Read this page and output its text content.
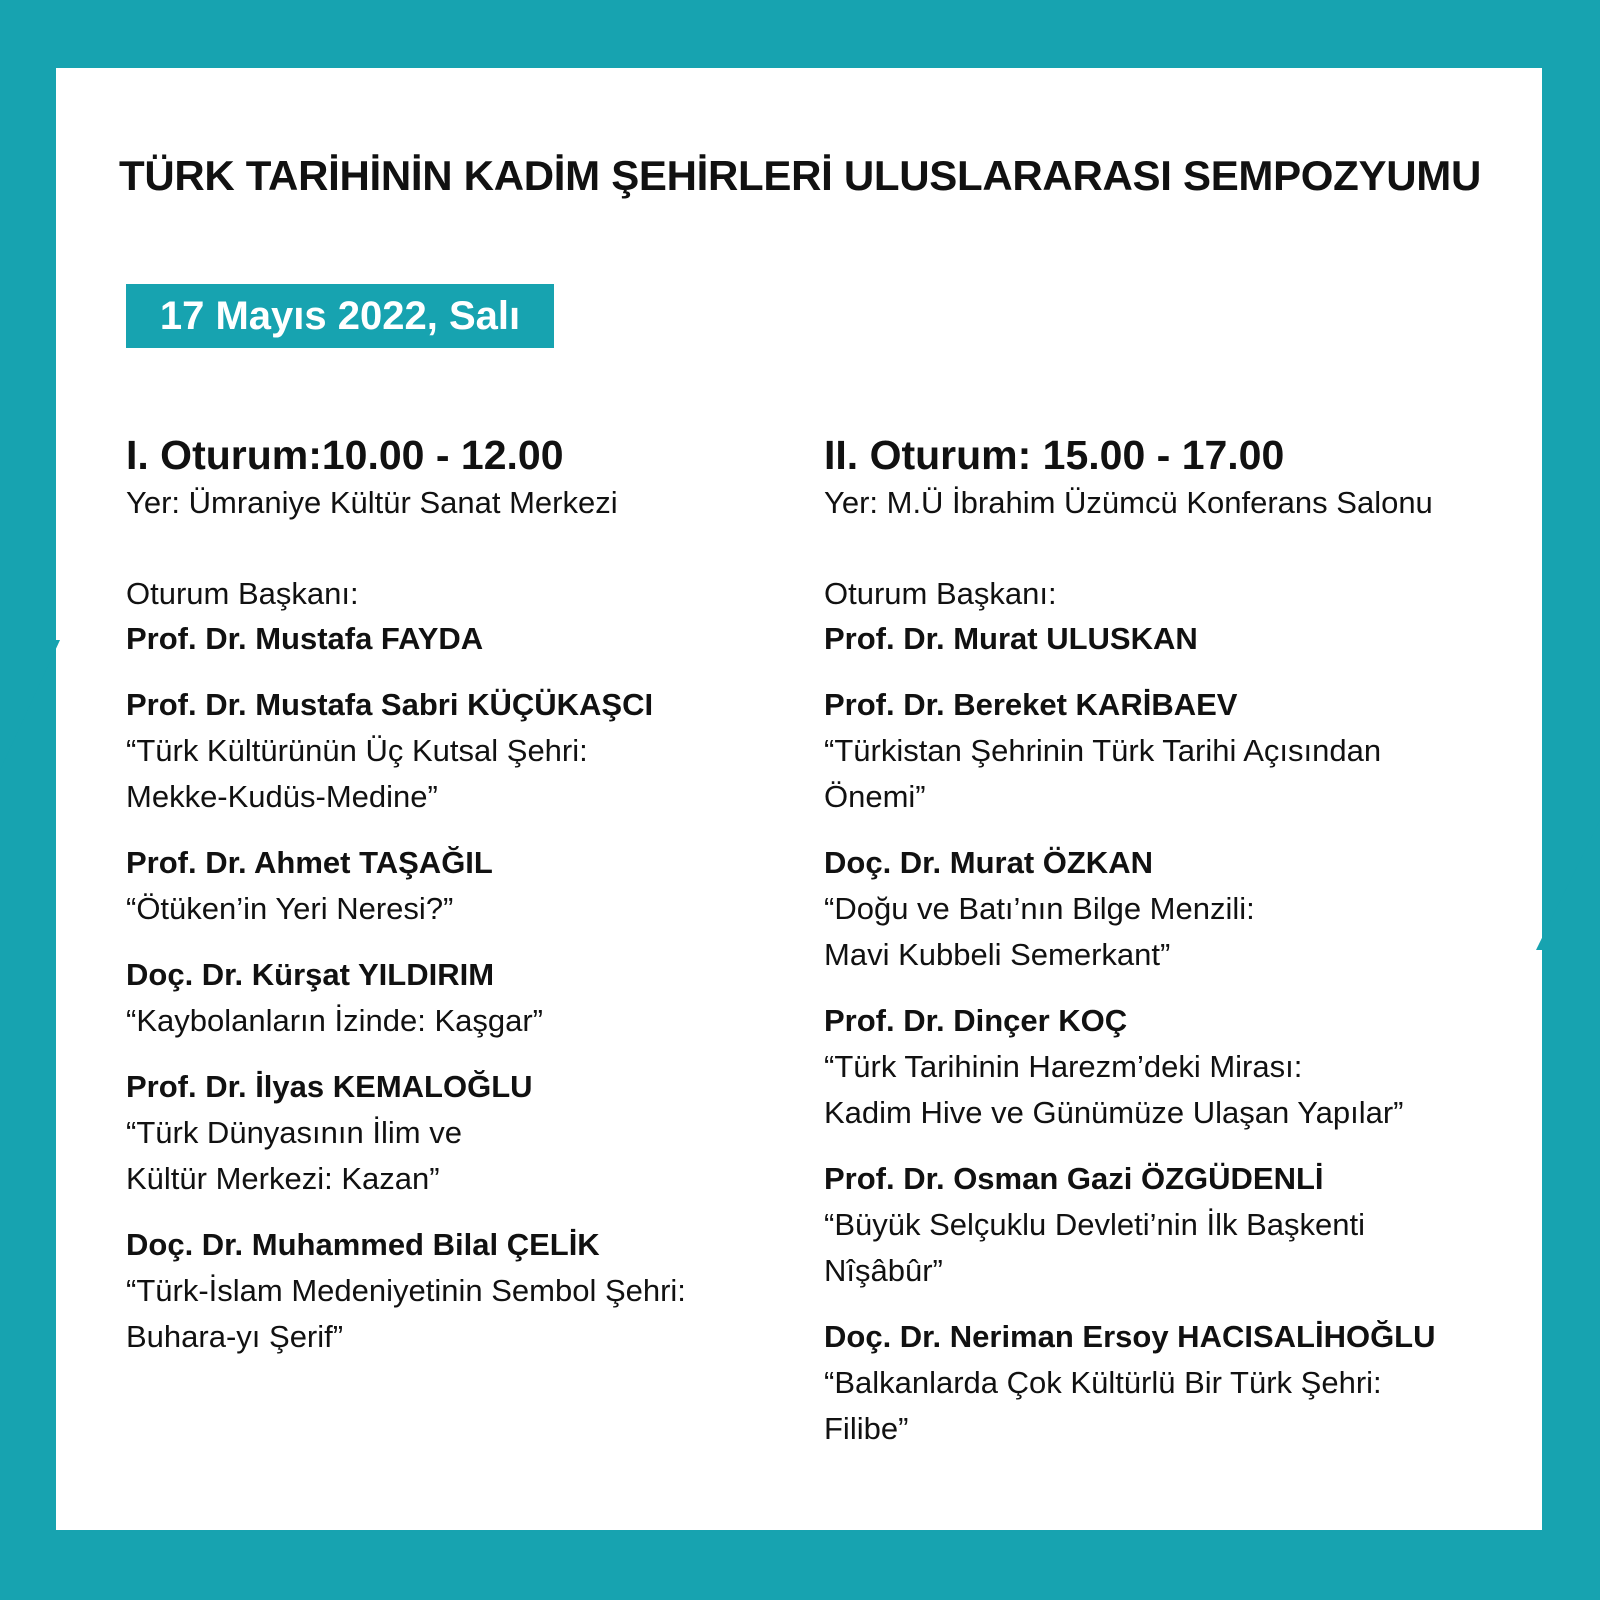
TÜRK TARİHİNİN KADİM ŞEHİRLERİ ULUSLARARASI SEMPOZYUMU
17 Mayıs 2022, Salı
I. Oturum:10.00 - 12.00
Yer: Ümraniye Kültür Sanat Merkezi
Oturum Başkanı:
Prof. Dr. Mustafa FAYDA
Prof. Dr. Mustafa Sabri KÜÇÜKAŞCI
“Türk Kültürünün Üç Kutsal Şehri:
Mekke-Kudüs-Medine”
Prof. Dr. Ahmet TAŞAĞIL
“Ötüken’in Yeri Neresi?”
Doç. Dr. Kürşat YILDIRIM
“Kaybolanların İzinde: Kaşgar”
Prof. Dr. İlyas KEMALOĞLU
“Türk Dünyasının İlim ve
Kültür Merkezi: Kazan”
Doç. Dr. Muhammed Bilal ÇELİK
“Türk-İslam Medeniyetinin Sembol Şehri:
Buhara-yı Şerif”
II. Oturum: 15.00 - 17.00
Yer: M.Ü İbrahim Üzümcü Konferans Salonu
Oturum Başkanı:
Prof. Dr. Murat ULUSKAN
Prof. Dr. Bereket KARİBAEV
“Türkistan Şehrinin Türk Tarihi Açısından
Önemi”
Doç. Dr. Murat ÖZKAN
“Doğu ve Batı’nın Bilge Menzili:
Mavi Kubbeli Semerkant”
Prof. Dr. Dinçer KOÇ
“Türk Tarihinin Harezm’deki Mirası:
Kadim Hive ve Günümüze Ulaşan Yapılar”
Prof. Dr. Osman Gazi ÖZGÜDENLİ
“Büyük Selçuklu Devleti’nin İlk Başkenti
Nîşâbûr”
Doç. Dr. Neriman Ersoy HACISALİHOĞLU
“Balkanlarda Çok Kültürlü Bir Türk Şehri:
Filibe”
